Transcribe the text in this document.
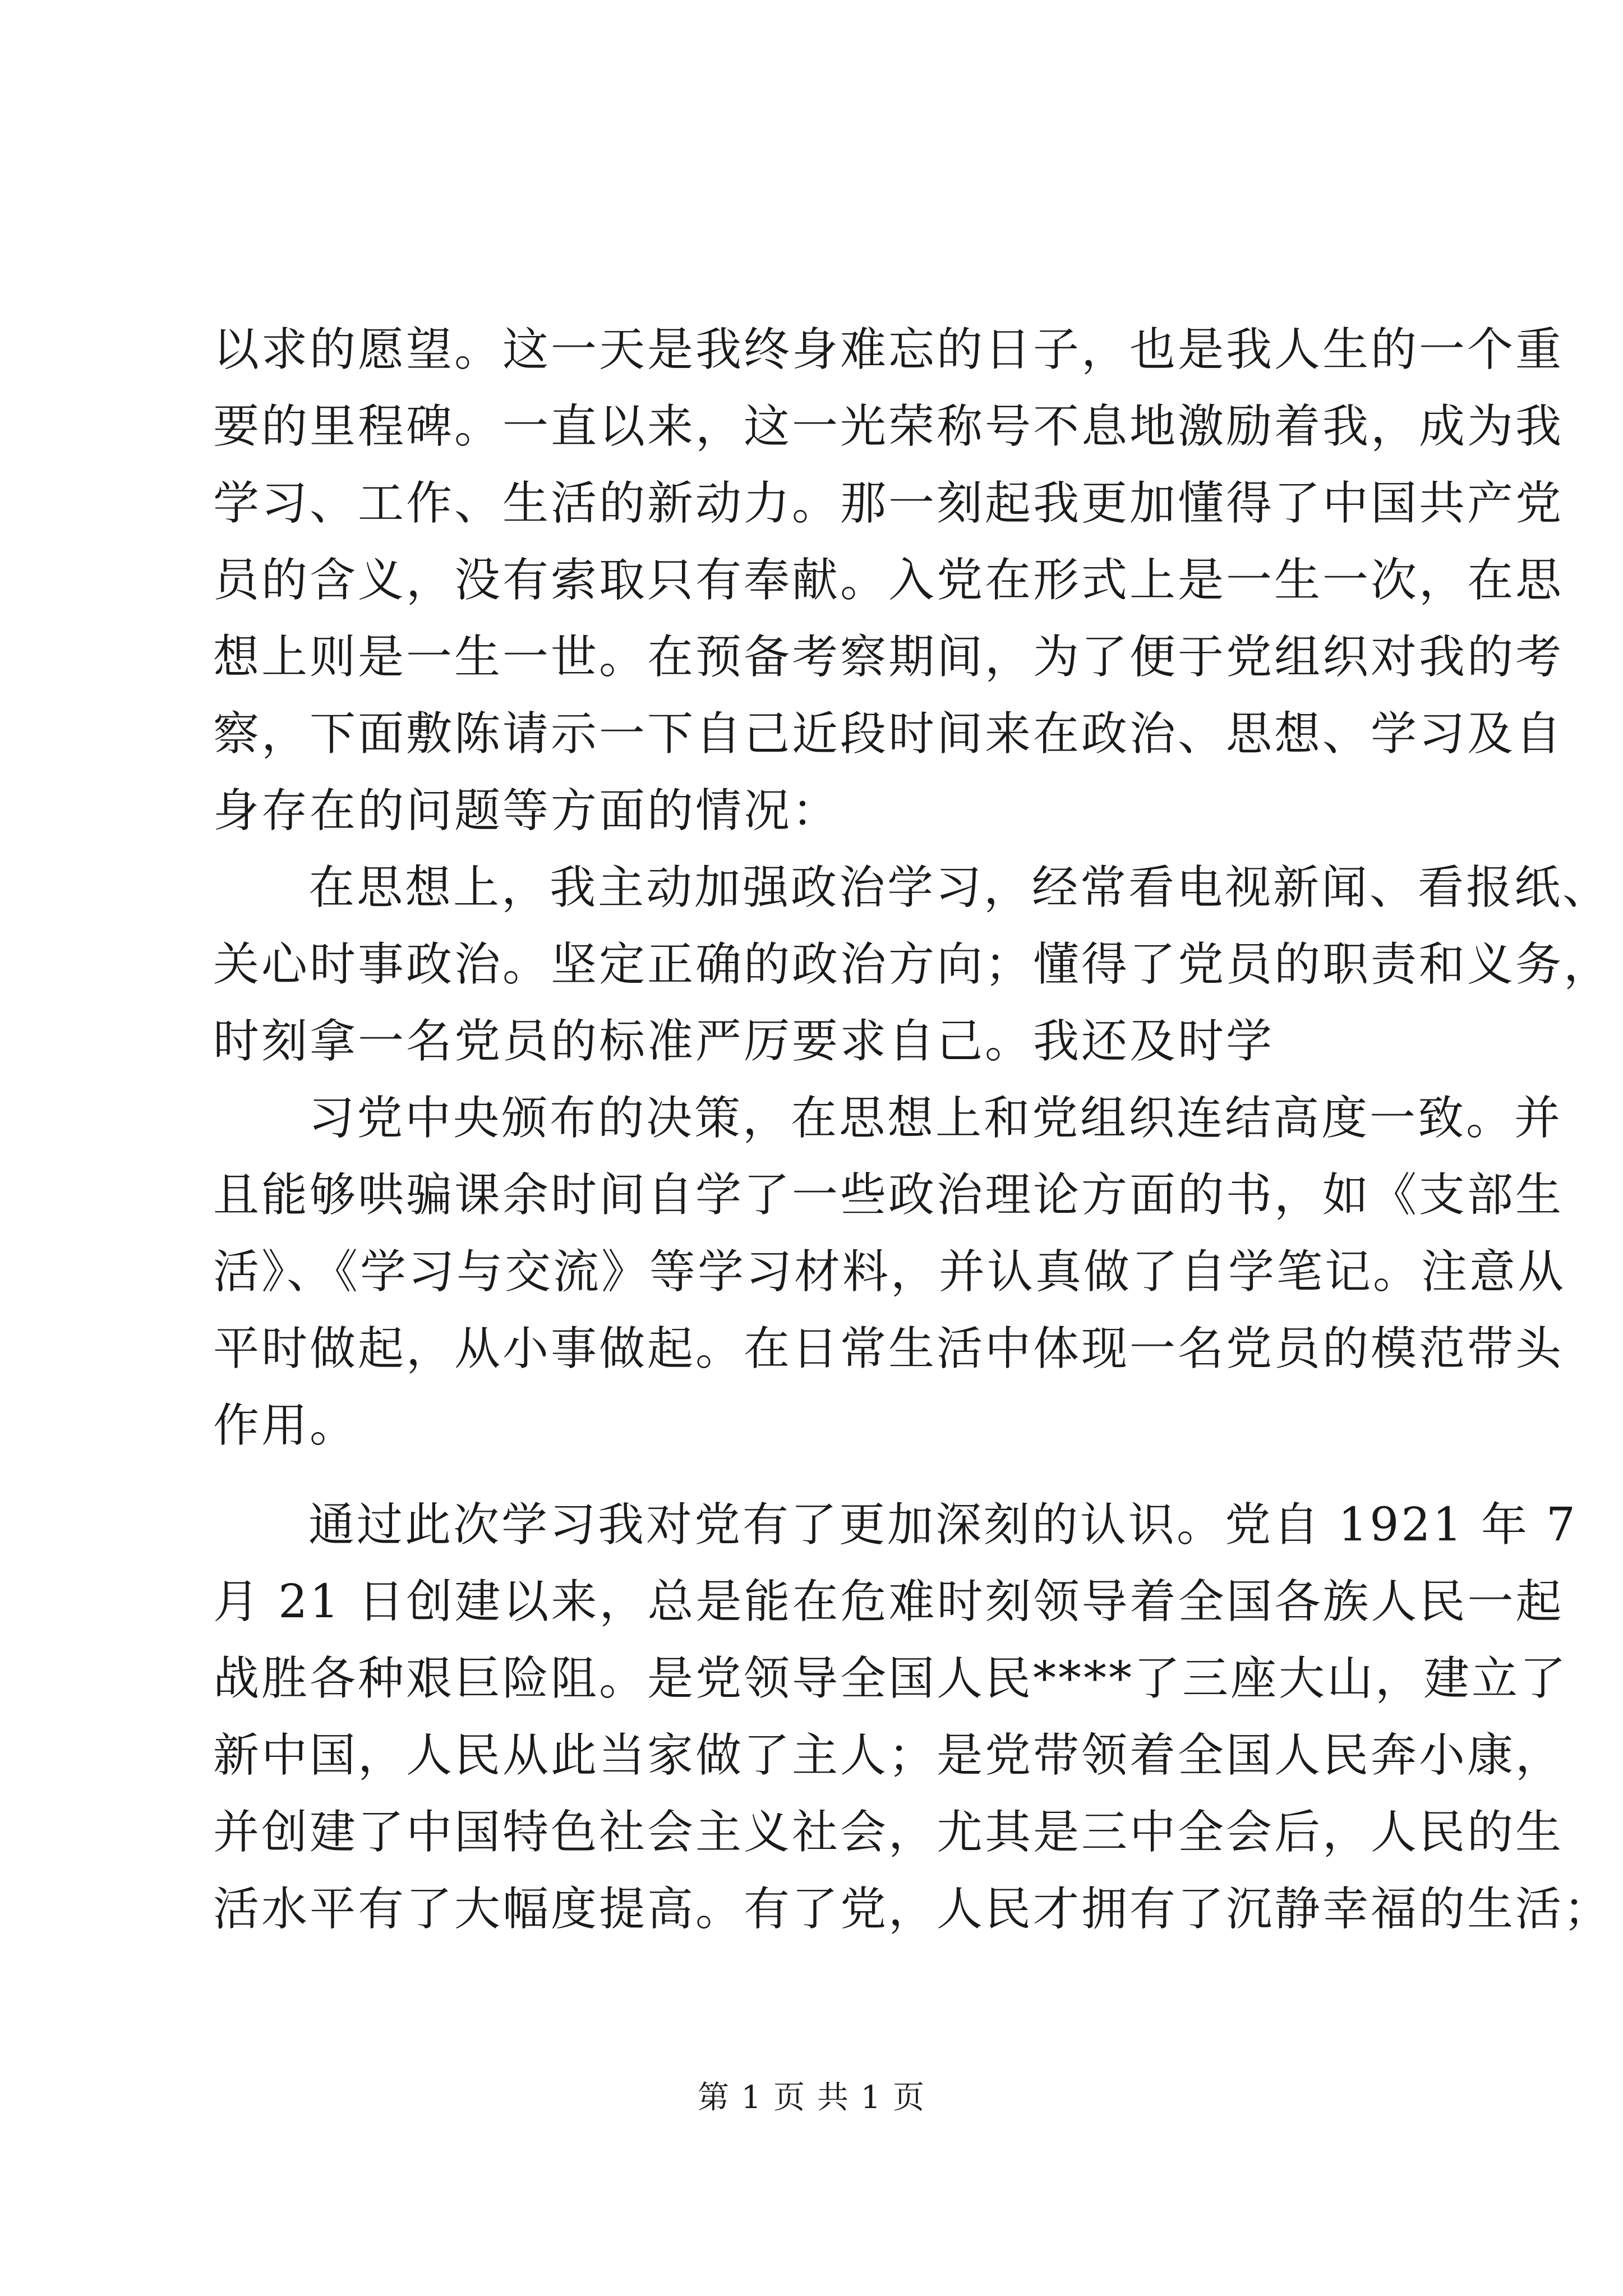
以求的愿望。这一天是我终身难忘的日子，也是我人生的一个重
要的里程碑。一直以来，这一光荣称号不息地激励着我，成为我
学习、工作、生活的新动力。那一刻起我更加懂得了中国共产党
员的含义，没有索取只有奉献。入党在形式上是一生一次，在思
想上则是一生一世。在预备考察期间，为了便于党组织对我的考
察，下面敷陈请示一下自己近段时间来在政治、思想、学习及自
身存在的问题等方面的情况：
在思想上，我主动加强政治学习，经常看电视新闻、看报纸、
关心时事政治。坚定正确的政治方向；懂得了党员的职责和义务，
时刻拿一名党员的标准严厉要求自己。我还及时学
习党中央颁布的决策，在思想上和党组织连结高度一致。并
且能够哄骗课余时间自学了一些政治理论方面的书，如《支部生
活》、《学习与交流》等学习材料，并认真做了自学笔记。注意从
平时做起，从小事做起。在日常生活中体现一名党员的模范带头
作用。
通过此次学习我对党有了更加深刻的认识。党自 1921 年 7
月 21 日创建以来，总是能在危难时刻领导着全国各族人民一起
战胜各种艰巨险阻。是党领导全国人民****了三座大山，建立了
新中国，人民从此当家做了主人；是党带领着全国人民奔小康，
并创建了中国特色社会主义社会，尤其是三中全会后，人民的生
活水平有了大幅度提高。有了党，人民才拥有了沉静幸福的生活；
第 1 页 共 1 页
